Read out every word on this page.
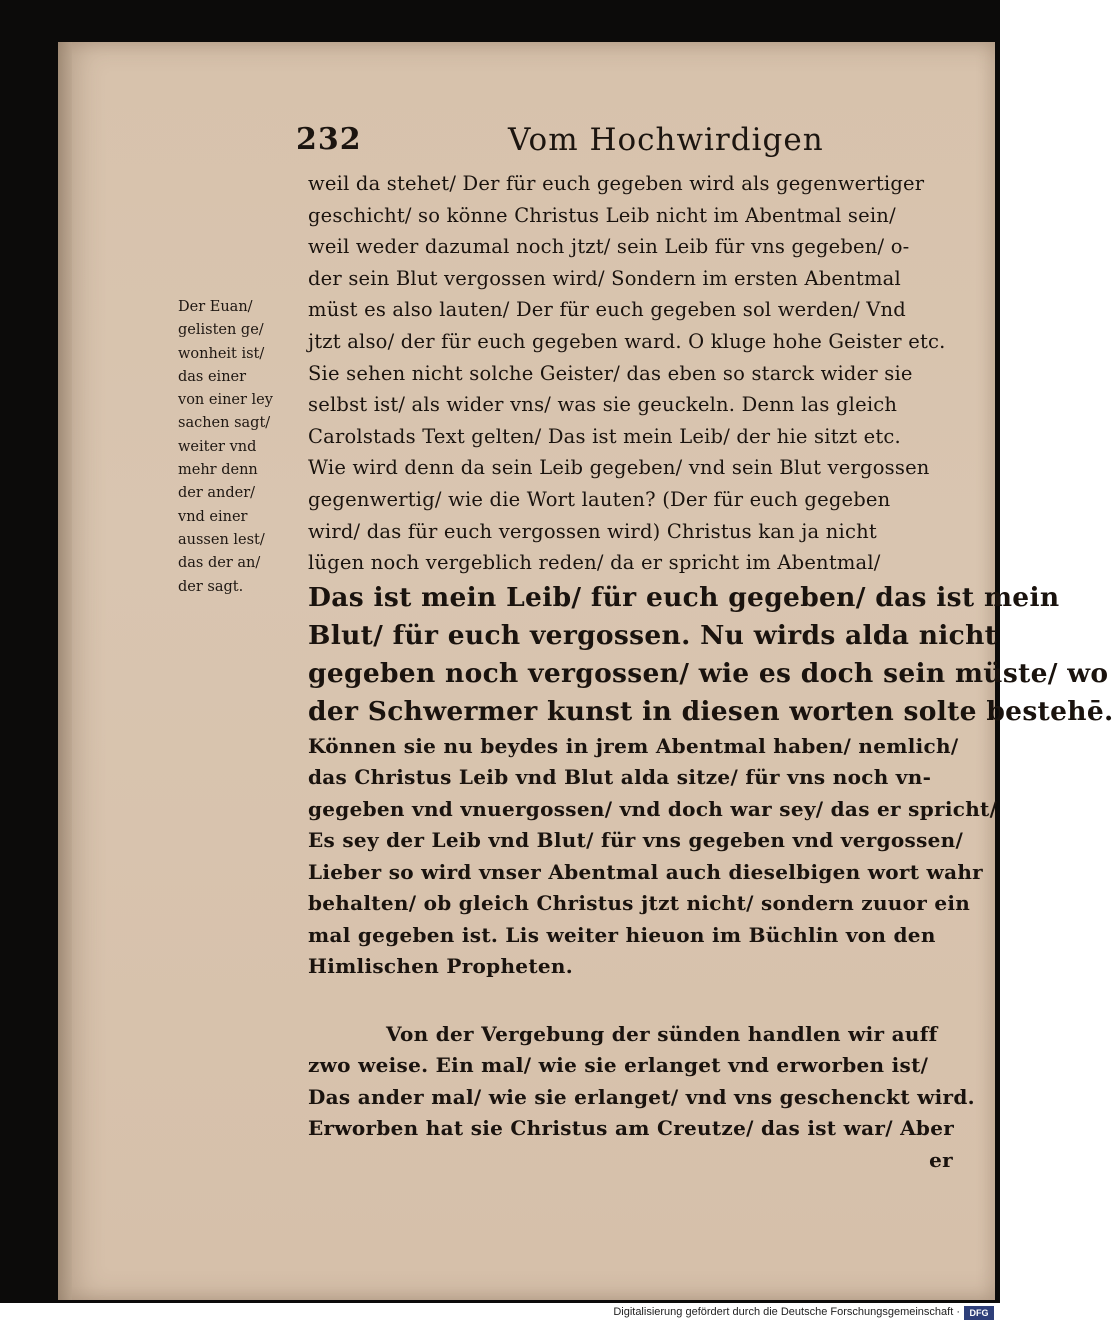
232	Vom Hochwirdigen
Der Euan/
gelisten ge/
wonheit ist/
das einer
von einer ley
sachen sagt/
weiter vnd
mehr denn
der ander/
vnd einer
aussen lest/
das der an/
der sagt.
weil da stehet/ Der für euch gegeben wird als gegenwertiger
geschicht/ so könne Christus Leib nicht im Abentmal sein/
weil weder dazumal noch jtzt/ sein Leib für vns gegeben/ o-
der sein Blut vergossen wird/ Sondern im ersten Abentmal
müst es also lauten/ Der für euch gegeben sol werden/ Vnd
jtzt also/ der für euch gegeben ward. O kluge hohe Geister etc.
Sie sehen nicht solche Geister/ das eben so starck wider sie
selbst ist/ als wider vns/ was sie geuckeln. Denn las gleich
Carolstads Text gelten/ Das ist mein Leib/ der hie sitzt etc.
Wie wird denn da sein Leib gegeben/ vnd sein Blut vergossen
gegenwertig/ wie die Wort lauten? (Der für euch gegeben
wird/ das für euch vergossen wird) Christus kan ja nicht
lügen noch vergeblich reden/ da er spricht im Abentmal/
Das ist mein Leib/ für euch gegeben/ das ist mein
Blut/ für euch vergossen. Nu wirds alda nicht
gegeben noch vergossen/ wie es doch sein müste/ wo
der Schwermer kunst in diesen worten solte bestehē.
Können sie nu beydes in jrem Abentmal haben/ nemlich/
das Christus Leib vnd Blut alda sitze/ für vns noch vn-
gegeben vnd vnuergossen/ vnd doch war sey/ das er spricht/
Es sey der Leib vnd Blut/ für vns gegeben vnd vergossen/
Lieber so wird vnser Abentmal auch dieselbigen wort wahr
behalten/ ob gleich Christus jtzt nicht/ sondern zuuor ein
mal gegeben ist. Lis weiter hieuon im Büchlin von den
Himlischen Propheten.
Von der Vergebung der sünden handlen wir auff
zwo weise. Ein mal/ wie sie erlanget vnd erworben ist/
Das ander mal/ wie sie erlanget/ vnd vns geschenckt wird.
Erworben hat sie Christus am Creutze/ das ist war/ Aber
er
Digitalisierung gefördert durch die Deutsche Forschungsgemeinschaft ·	DFG
